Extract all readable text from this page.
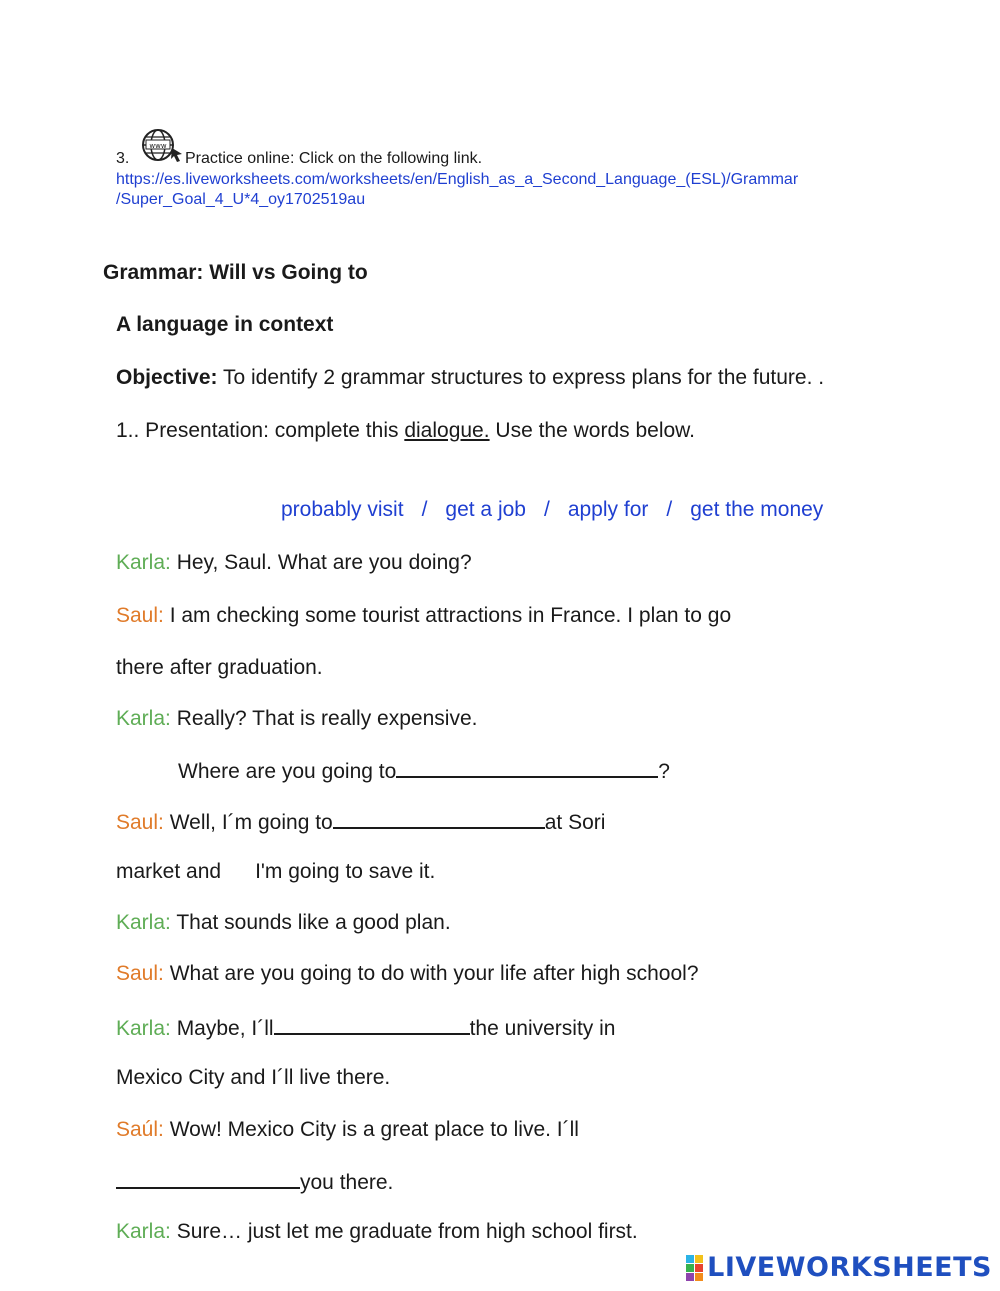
3.
www
Practice online: Click on the following link.
https://es.liveworksheets.com/worksheets/en/English_as_a_Second_Language_(ESL)/Grammar
/Super_Goal_4_U*4_oy1702519au
Grammar: Will vs Going to
A language in context
Objective: To identify 2 grammar structures to express plans for the future. .
1.. Presentation: complete this dialogue. Use the words below.
probably visit / get a job / apply for / get the money
Karla: Hey, Saul. What are you doing?
Saul: I am checking some tourist attractions in France. I plan to go
there after graduation.
Karla: Really? That is really expensive.
Where are you going to	?
Saul: Well, I´m going to	at Sori
market and I'm going to save it.
Karla: That sounds like a good plan.
Saul: What are you going to do with your life after high school?
Karla: Maybe, I´ll	the university in
Mexico City and I´ll live there.
Saúl: Wow! Mexico City is a great place to live. I´ll
you there.
Karla: Sure… just let me graduate from high school first.
LIVEWORKSHEETS
